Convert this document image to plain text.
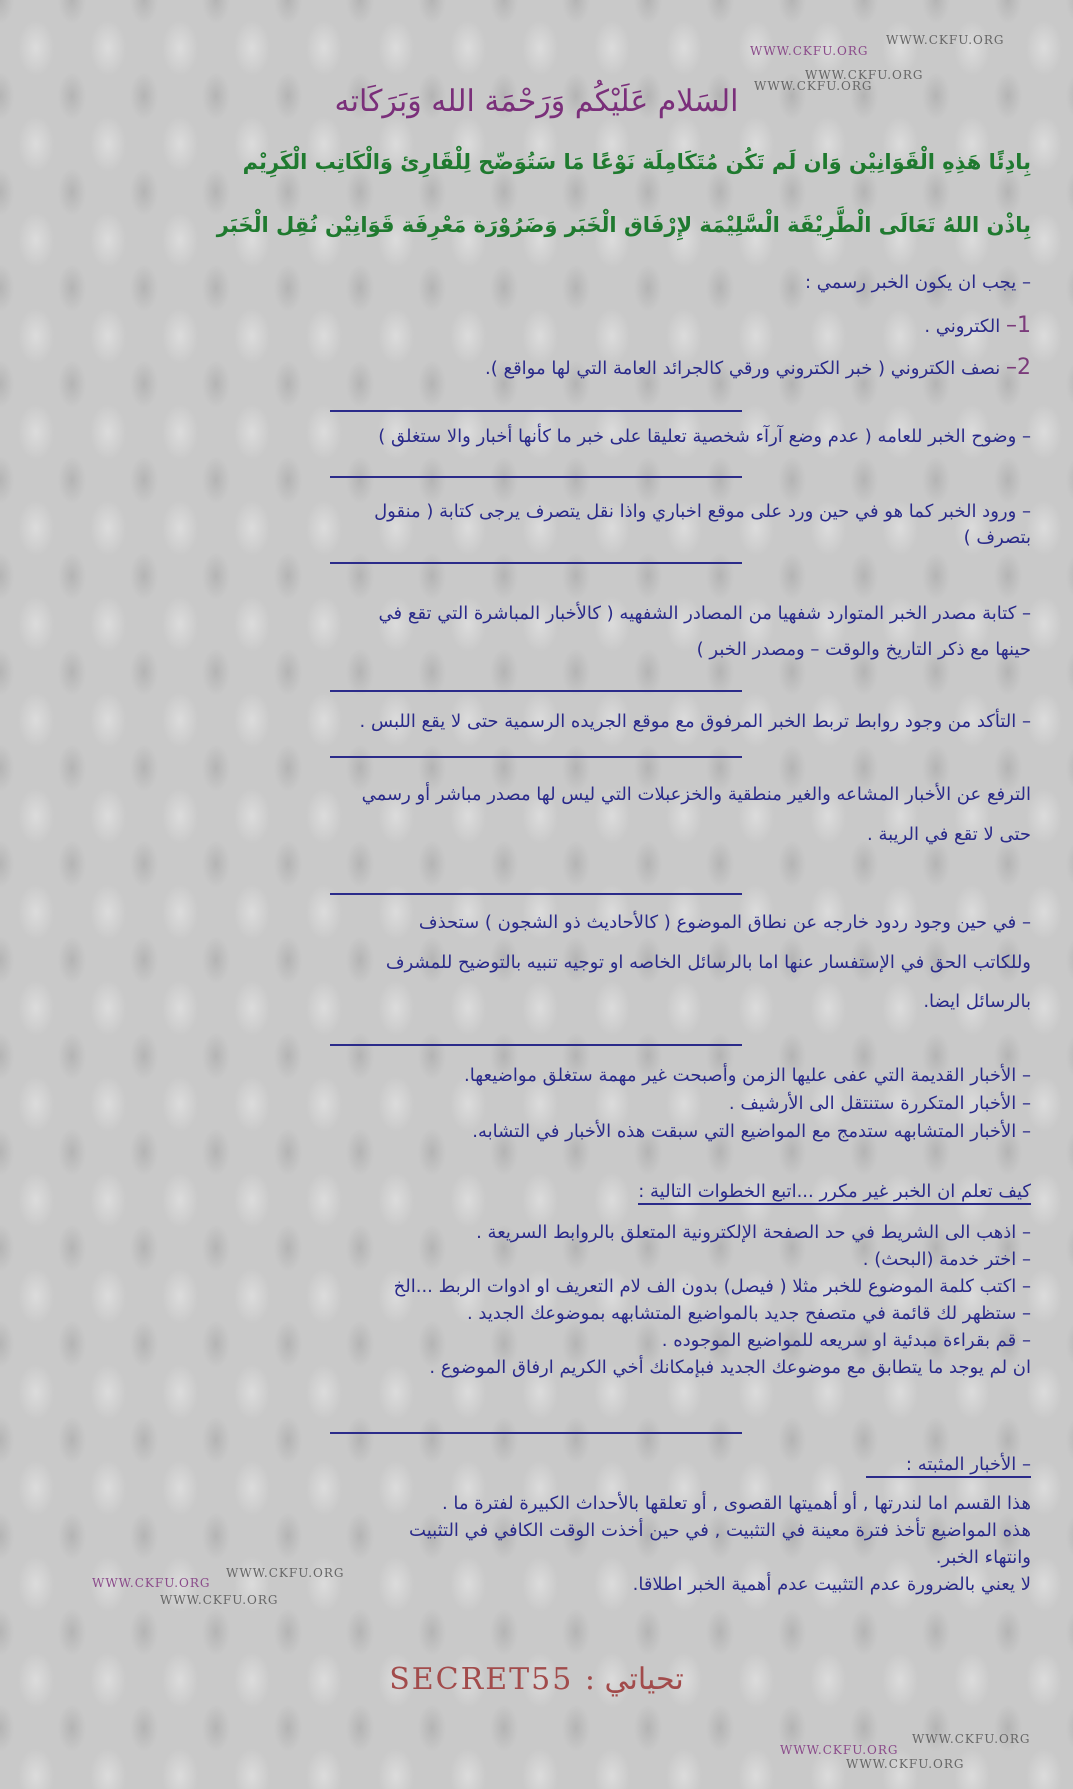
WWW.CKFU.ORG
WWW.CKFU.ORG
WWW.CKFU.ORG
WWW.CKFU.ORG
WWW.CKFU.ORG
WWW.CKFU.ORG
WWW.CKFU.ORG
WWW.CKFU.ORG
WWW.CKFU.ORG
WWW.CKFU.ORG
السَلام عَلَيْكُم وَرَحْمَة الله وَبَرَكَاته
بِادِئًا هَذِهِ الْقَوَانِيْن وَان لَم تَكُن مُتَكَامِلَة نَوْعًا مَا سَتُوَضّح لِلْقَارِئ وَالْكَاتِب الْكَرِيْم
بِاذْن اللهُ تَعَالَى الْطَّرِيْقَة الْسَّلِيْمَة لإِرْفَاق الْخَبَر وَضَرُوْرَة مَعْرِفَة قَوَانِيْن نُقِل الْخَبَر
– يجب ان يكون الخبر رسمي :
1– الكتروني .
2– نصف الكتروني ( خبر الكتروني ورقي كالجرائد العامة التي لها مواقع ).
– وضوح الخبر للعامه ( عدم وضع آرآء شخصية تعليقا على خبر ما كأنها أخبار والا ستغلق )
– ورود الخبر كما هو في حين ورد على موقع اخباري واذا نقل يتصرف يرجى كتابة ( منقول
بتصرف )
– كتابة مصدر الخبر المتوارد شفهيا من المصادر الشفهيه ( كالأخبار المباشرة التي تقع في
حينها مع ذكر التاريخ والوقت – ومصدر الخبر )
– التأكد من وجود روابط تربط الخبر المرفوق مع موقع الجريده الرسمية حتى لا يقع اللبس .
الترفع عن الأخبار المشاعه والغير منطقية والخزعبلات التي ليس لها مصدر مباشر أو رسمي
حتى لا تقع في الريبة .
– في حين وجود ردود خارجه عن نطاق الموضوع ( كالأحاديث ذو الشجون ) ستحذف
وللكاتب الحق في الإستفسار عنها اما بالرسائل الخاصه او توجيه تنبيه بالتوضيح للمشرف
بالرسائل ايضا.
– الأخبار القديمة التي عفى عليها الزمن وأصبحت غير مهمة ستغلق مواضيعها.
– الأخبار المتكررة ستنتقل الى الأرشيف .
– الأخبار المتشابهه ستدمج مع المواضيع التي سبقت هذه الأخبار في التشابه.
كيف تعلم ان الخبر غير مكرر ...اتبع الخطوات التالية :
– اذهب الى الشريط في حد الصفحة الإلكترونية المتعلق بالروابط السريعة .
– اختر خدمة (البحث) .
– اكتب كلمة الموضوع للخبر مثلا ( فيصل) بدون الف لام التعريف او ادوات الربط ...الخ
– ستظهر لك قائمة في متصفح جديد بالمواضيع المتشابهه بموضوعك الجديد .
– قم بقراءة مبدئية او سريعه للمواضيع الموجوده .
ان لم يوجد ما يتطابق مع موضوعك الجديد فبإمكانك أخي الكريم ارفاق الموضوع .
– الأخبار المثبته :
هذا القسم اما لندرتها , أو أهميتها القصوى , أو تعلقها بالأحداث الكبيرة لفترة ما .
هذه المواضيع تأخذ فترة معينة في التثبيت , في حين أخذت الوقت الكافي في التثبيت
وانتهاء الخبر.
لا يعني بالضرورة عدم التثبيت عدم أهمية الخبر اطلاقا.
تحياتي : SECRET55
